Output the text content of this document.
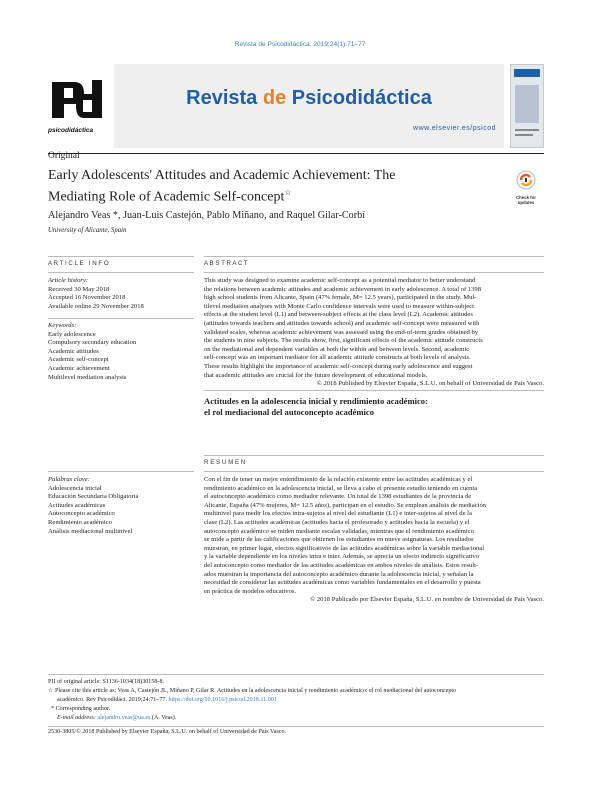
Revista de Psicodidáctica. 2019;24(1):71–77
psicodidáctica
Revista de Psicodidáctica
www.elsevier.es/psicod
Original
Early Adolescents' Attitudes and Academic Achievement: The
Mediating Role of Academic Self-concept☆
Check for
updates
Alejandro Veas *, Juan-Luis Castejón, Pablo Miñano, and Raquel Gilar-Corbí
University of Alicante, Spain
A R T I C L E   I N F O
Article history:
Received 30 May 2018
Accepted 16 November 2018
Available online 29 November 2018
Keywords:
Early adolescence
Compulsory secondary education
Academic attitudes
Academic self-concept
Academic achievement
Multilevel mediation analysis
A B S T R A C T
This study was designed to examine academic self-concept as a potential mediator to better understand
the relations between academic attitudes and academic achievement in early adolescence. A total of 1398
high school students from Alicante, Spain (47% female, M= 12.5 years), participated in the study. Mul-
tilevel mediation analyses with Monte Carlo confidence intervals were used to measure within-subject
effects at the student level (L1) and between-subject effects at the class level (L2). Academic attitudes
(attitudes towards teachers and attitudes towards school) and academic self-concept were measured with
validated scales, whereas academic achievement was assessed using the end-of-term grades obtained by
the students in nine subjects. The results show, first, significant effects of the academic attitude constructs
on the mediational and dependent variables at both the within and between levels. Second, academic
self-concept was an important mediator for all academic attitude constructs at both levels of analysis.
These results highlight the importance of academic self-concept during early adolescence and suggest
that academic attitudes are crucial for the future development of educational models.
© 2018 Published by Elsevier España, S.L.U. on behalf of Universidad de País Vasco.
Actitudes en la adolescencia inicial y rendimiento académico:
el rol mediacional del autoconcepto académico
R E S U M E N
Palabras clave:
Adolescencia inicial
Educación Secundaria Obligatoria
Actitudes académicas
Autoconcepto académico
Rendimiento académico
Análisis mediacional multinivel
Con el fin de tener un mejor entendimiento de la relación existente entre las actitudes académicas y el
rendimiento académico en la adolescencia inicial, se lleva a cabo el presente estudio teniendo en cuenta
el autoconcepto académico como mediador relevante. Un total de 1398 estudiantes de la provincia de
Alicante, España (47% mujeres, M= 12.5 años), participan en el estudio. Se emplean análisis de mediación
multinivel para medir los efectos intra-sujetos al nivel del estudiante (L1) e inter-sujetos al nivel de la
clase (L2). Las actitudes académicas (actitudes hacia el profesorado y actitudes hacia la escuela) y el
autoconcepto académico se miden mediante escalas validadas, mientras que el rendimiento académico
se mide a partir de las calificaciones que obtienen los estudiantes en nueve asignaturas. Los resultados
muestran, en primer lugar, efectos significativos de las actitudes académicas sobre la variable mediacional
y la variable dependiente en los niveles intra e inter. Además, se aprecia un efecto indirecto significativo
del autoconcepto como mediador de las actitudes académicas en ambos niveles de análisis. Estos result-
ados muestran la importancia del autoconcepto académico durante la adolescencia inicial, y señalan la
necesidad de considerar las actitudes académicas como variables fundamentales en el desarrollo y puesta
en práctica de modelos educativos.
© 2018 Publicado por Elsevier España, S.L.U. en nombre de Universidad de País Vasco.
PII of original article: S1136-1034(18)30158-8.
☆ Please cite this article as: Veas A, Castejón JL, Miñano P, Gilar R. Actitudes en la adolescencia inicial y rendimiento académico: el rol mediacional del autoconcepto
académico. Rev Psicodidáct. 2019;24:71–77. https://doi.org/10.1016/j.psicod.2018.11.001
* Corresponding author.
E-mail address: alejandro.veas@ua.es (A. Veas).
2530-3805/© 2018 Published by Elsevier España, S.L.U. on behalf of Universidad de País Vasco.
